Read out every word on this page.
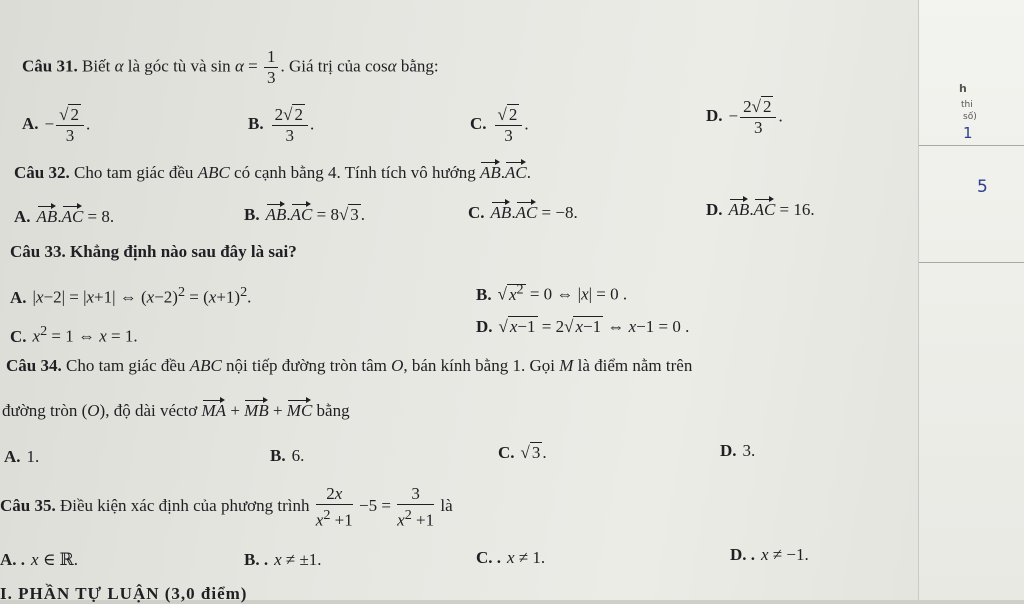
Câu 31. Biết α là góc tù và $\sin \alpha = \frac{1}{3}$ . Giá trị của cosα bằng:
A. − $\frac{√ 2}{3}$ .	B. $\frac{2√ 2}{3}$ .	C. $\frac{√ 2}{3}$ .	D. − $\frac{2√ 2}{3}$ .
Câu 32. Cho tam giác đều ABC có cạnh bằng 4. Tính tích vô hướng AB.AC.
A. AB.AC = 8.	B. AB.AC = 8√ 3 .	C. AB.AC = −8.	D. AB.AC = 16.
Câu 33. Khẳng định nào sau đây là sai?
A. |x−2| = |x+1| ⇔ $(x-2)^2 = (x+1)^2$.	B. √ $x^2 = 0$ ⇔ |x| = 0 .
C. $x^2 = 1$ ⇔ x = 1.
D. √ x−1 = 2√ x−1 ⇔ x−1 = 0 .
Câu 34. Cho tam giác đều ABC nội tiếp đường tròn tâm O, bán kính bằng 1. Gọi M là điểm nằm trên
đường tròn (O), độ dài véctơ MA + MB + MC bằng
A. 1.	B. 6.	C. √ 3 .	D. 3.
Câu 35. Điều kiện xác định của phương trình $\frac{2x}{x^2 +1} -5 = \frac{3}{x^2 +1}$ là
A. . x ∈ ℝ.	B. . x ≠ ±1.	C. . x ≠ 1.	D. . x ≠ −1.
I. PHẦN TỰ LUẬN (3,0 điểm)
h
thi
số)
1
5
